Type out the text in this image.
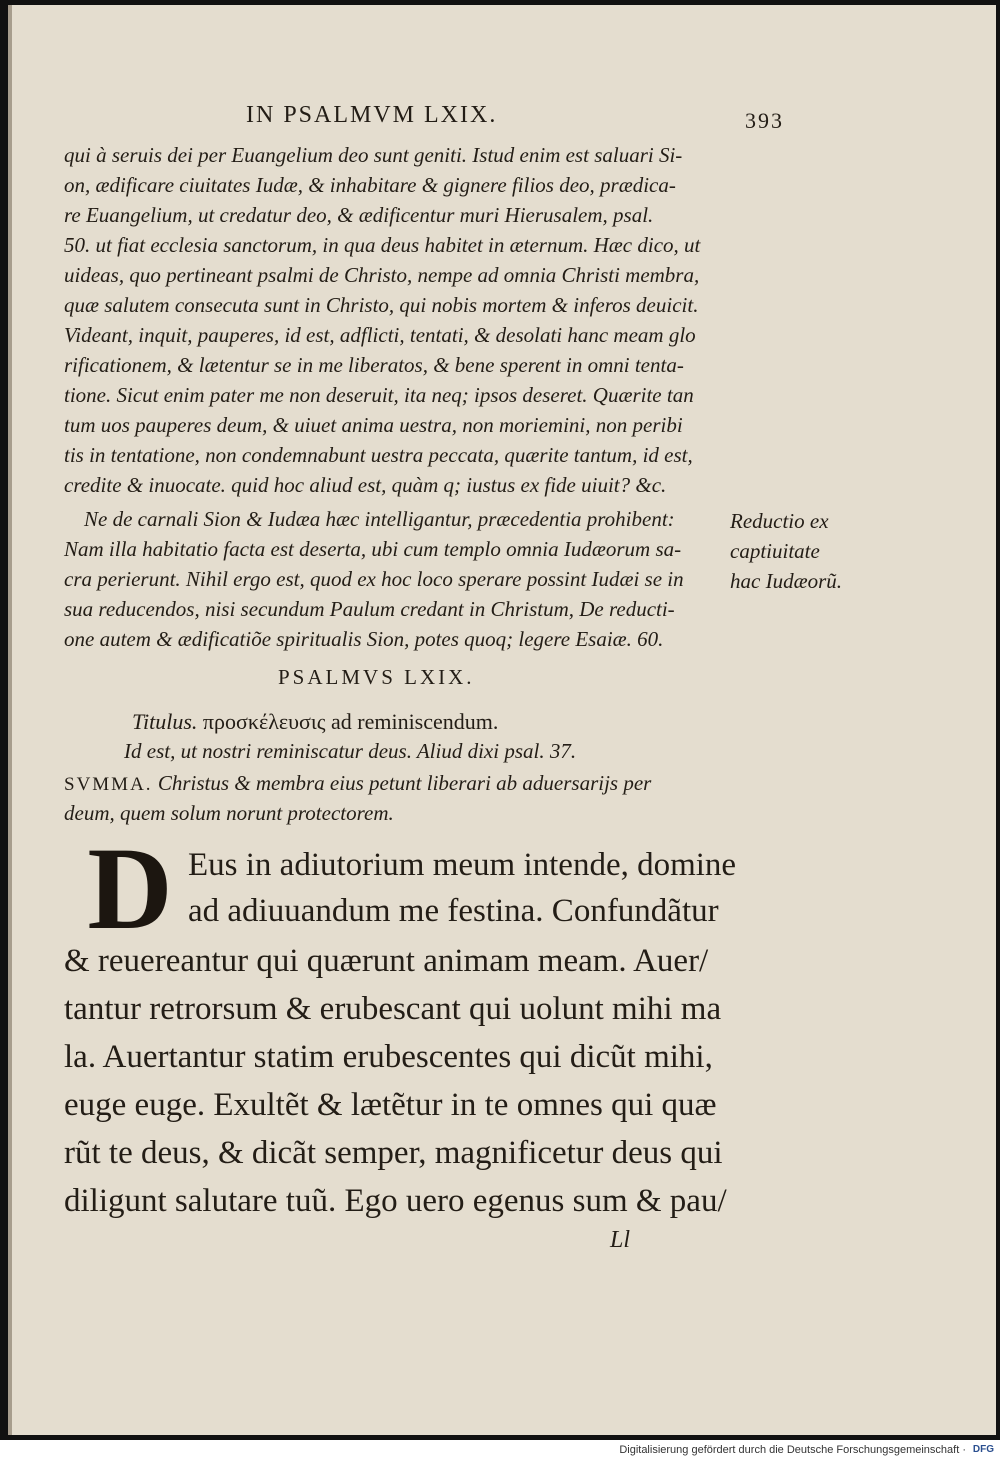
IN PSALMVM LXIX.	393
qui à seruis dei per Euangelium deo sunt geniti. Istud enim est saluari Si-
on, ædificare ciuitates Iudæ, & inhabitare & gignere filios deo, prædica-
re Euangelium, ut credatur deo, & ædificentur muri Hierusalem, psal.
50. ut fiat ecclesia sanctorum, in qua deus habitet in æternum. Hæc dico, ut
uideas, quo pertineant psalmi de Christo, nempe ad omnia Christi membra,
quæ salutem consecuta sunt in Christo, qui nobis mortem & inferos deuicit.
Videant, inquit, pauperes, id est, adflicti, tentati, & desolati hanc meam glo
rificationem, & lætentur se in me liberatos, & bene sperent in omni tenta-
tione. Sicut enim pater me non deseruit, ita neq; ipsos deseret. Quærite tan
tum uos pauperes deum, & uiuet anima uestra, non moriemini, non peribi
tis in tentatione, non condemnabunt uestra peccata, quærite tantum, id est,
credite & inuocate. quid hoc aliud est, quàm q; iustus ex fide uiuit? &c.
Ne de carnali Sion & Iudæa hæc intelligantur, præcedentia prohibent:
Nam illa habitatio facta est deserta, ubi cum templo omnia Iudæorum sa-
cra perierunt. Nihil ergo est, quod ex hoc loco sperare possint Iudæi se in
sua reducendos, nisi secundum Paulum credant in Christum, De reducti-
one autem & ædificatiõe spiritualis Sion, potes quoq; legere Esaiæ. 60.
Reductio ex
captiuitate
hac Iudæorũ.
PSALMVS LXIX.
Titulus. προσκέλευσις ad reminiscendum.
Id est, ut nostri reminiscatur deus. Aliud dixi psal. 37.
SVMMA. Christus & membra eius petunt liberari ab aduersarijs per
deum, quem solum norunt protectorem.
D Eus in adiutorium meum intende, domine
ad adiuuandum me festina. Confundãtur
& reuereantur qui quærunt animam meam. Auer/
tantur retrorsum & erubescant qui uolunt mihi ma
la. Auertantur statim erubescentes qui dicũt mihi,
euge euge. Exultẽt & lætẽtur in te omnes qui quæ
rũt te deus, & dicãt semper, magnificetur deus qui
diligunt salutare tuũ. Ego uero egenus sum & pau/
Ll
Digitalisierung gefördert durch die Deutsche Forschungsgemeinschaft · DFG
